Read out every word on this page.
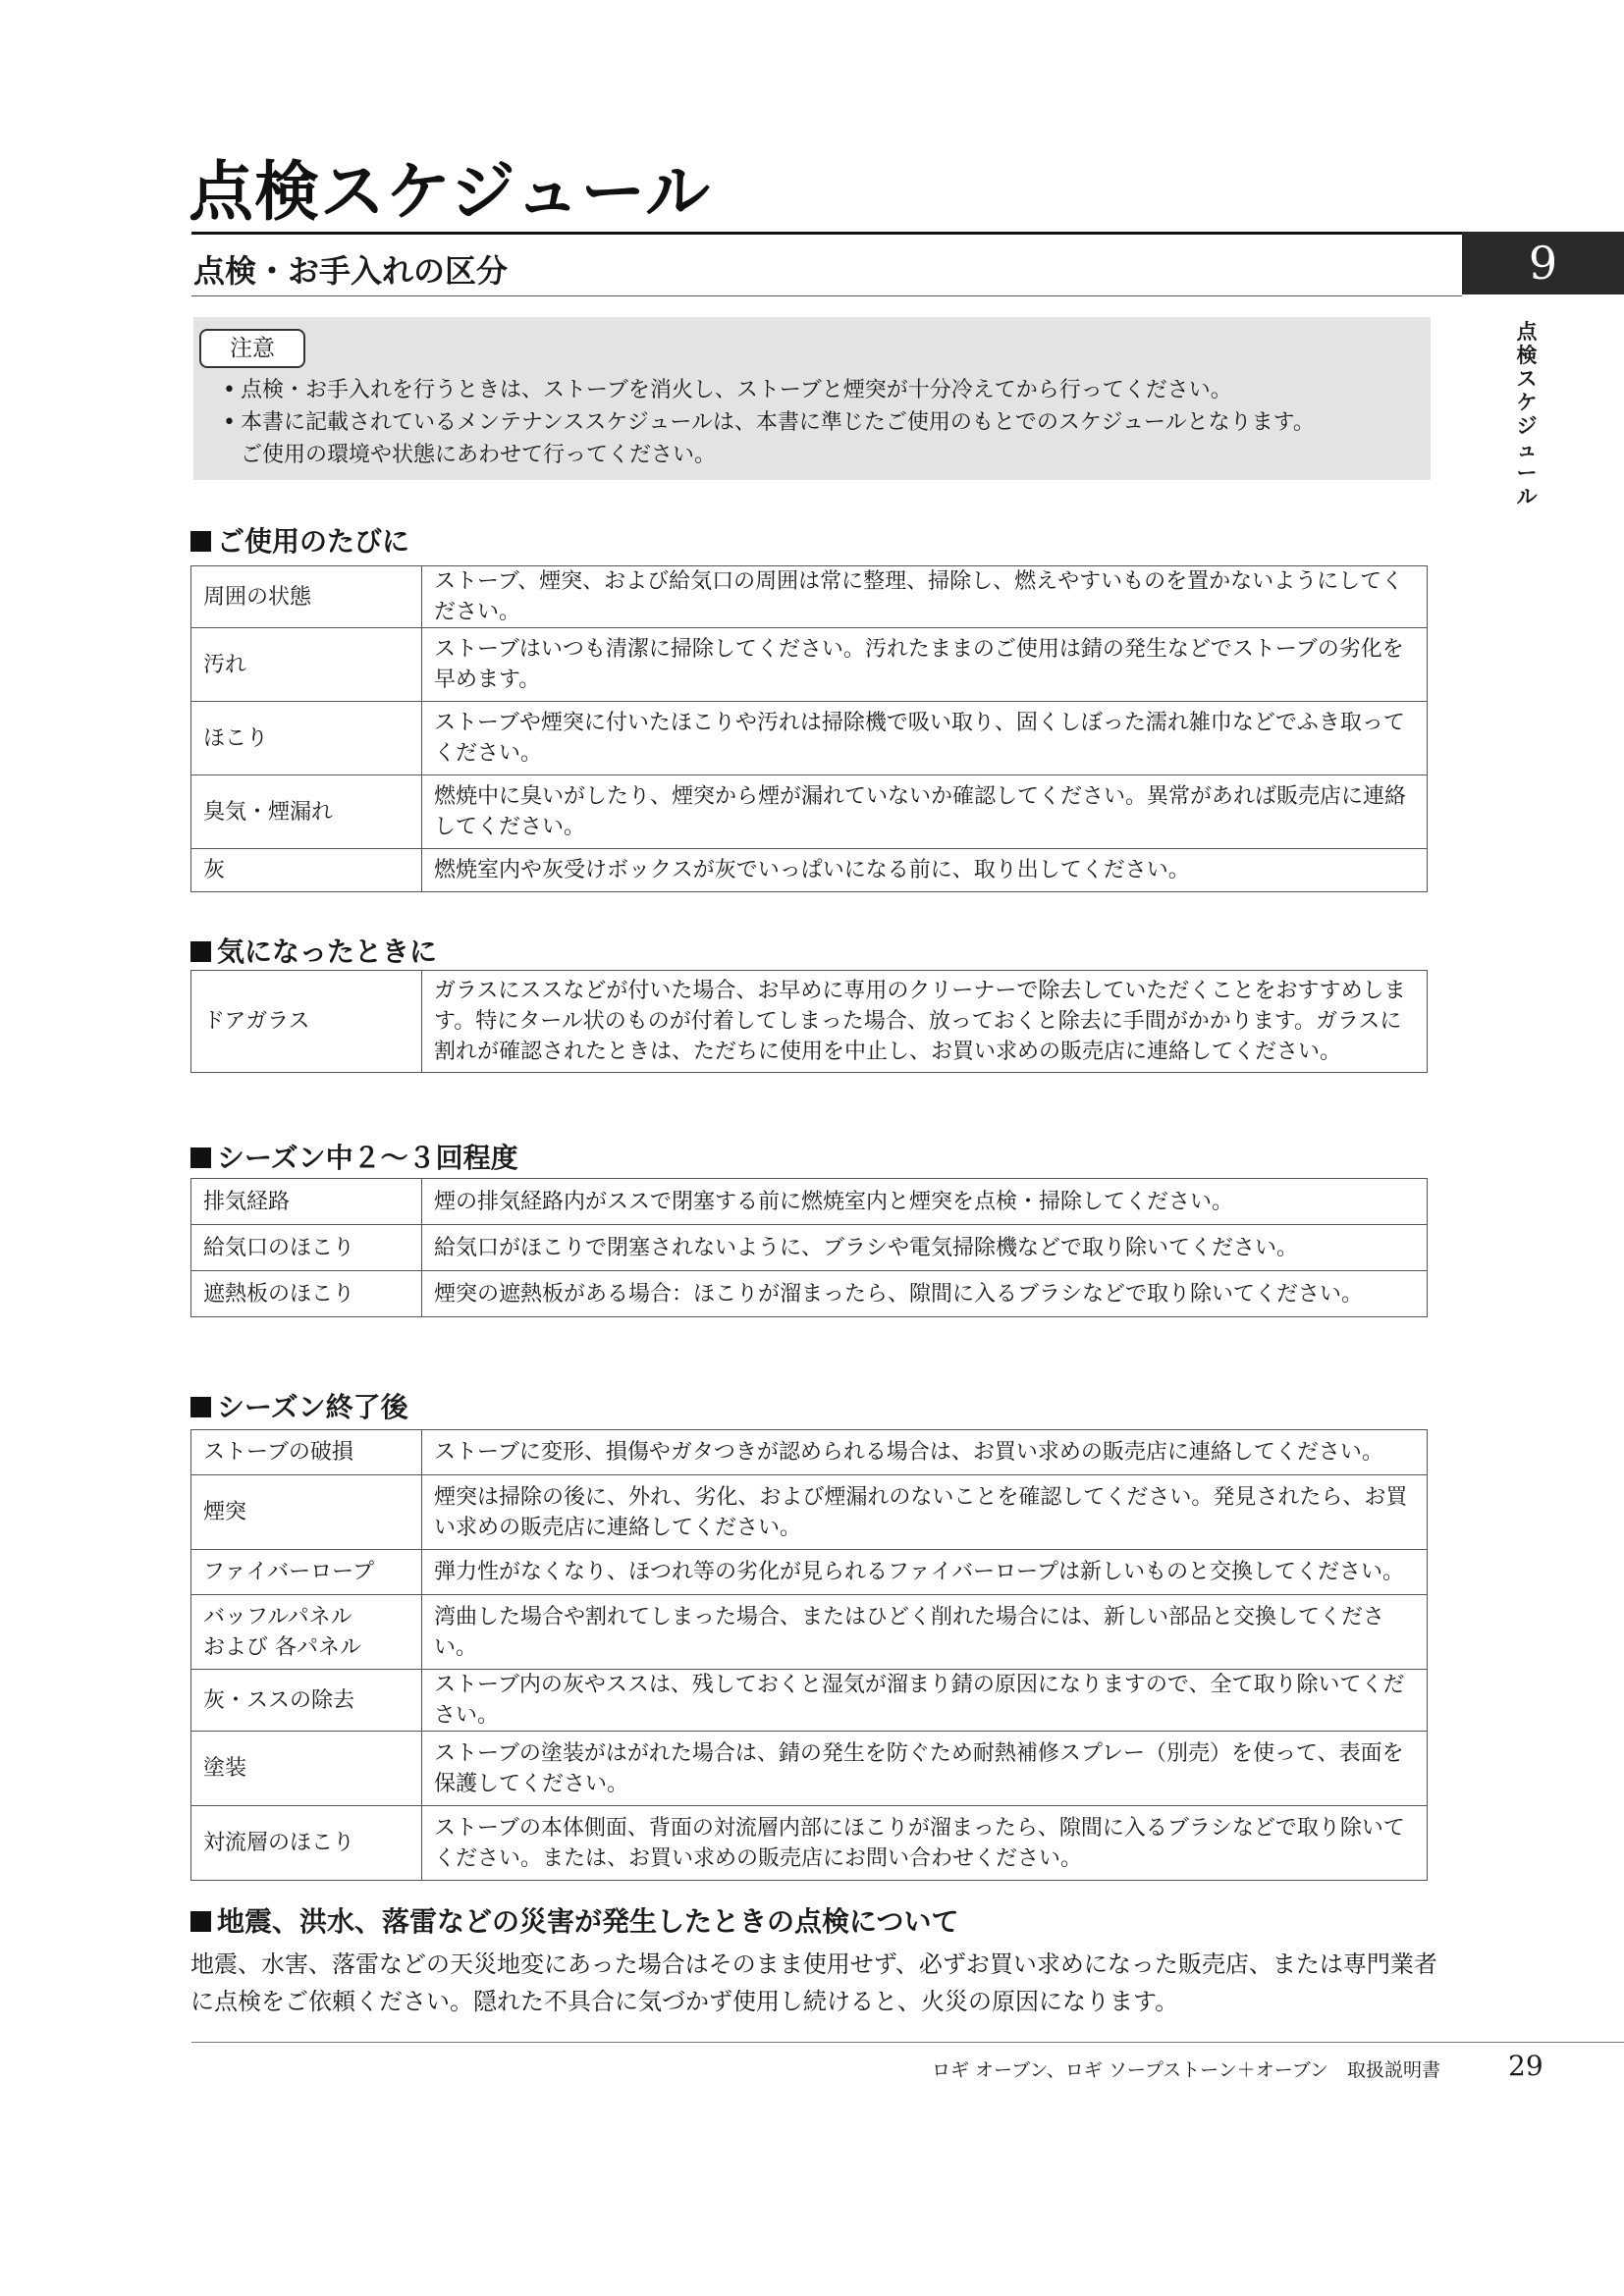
点検スケジュール
点検・お手入れの区分	9
点検スケジュール
注意
• 点検・お手入れを行うときは、ストーブを消火し、ストーブと煙突が十分冷えてから行ってください。
• 本書に記載されているメンテナンススケジュールは、本書に準じたご使用のもとでのスケジュールとなります。
ご使用の環境や状態にあわせて行ってください。
ご使用のたびに
周囲の状態	ストーブ、煙突、および給気口の周囲は常に整理、掃除し、燃えやすいものを置かないようにしてください。
汚れ	ストーブはいつも清潔に掃除してください。汚れたままのご使用は錆の発生などでストーブの劣化を早めます。
ほこり	ストーブや煙突に付いたほこりや汚れは掃除機で吸い取り、固くしぼった濡れ雑巾などでふき取ってください。
臭気・煙漏れ	燃焼中に臭いがしたり、煙突から煙が漏れていないか確認してください。異常があれば販売店に連絡してください。
灰	燃焼室内や灰受けボックスが灰でいっぱいになる前に、取り出してください。
気になったときに
ドアガラス	ガラスにススなどが付いた場合、お早めに専用のクリーナーで除去していただくことをおすすめします。特にタール状のものが付着してしまった場合、放っておくと除去に手間がかかります。ガラスに割れが確認されたときは、ただちに使用を中止し、お買い求めの販売店に連絡してください。
シーズン中２～３回程度
排気経路	煙の排気経路内がススで閉塞する前に燃焼室内と煙突を点検・掃除してください。
給気口のほこり	給気口がほこりで閉塞されないように、ブラシや電気掃除機などで取り除いてください。
遮熱板のほこり	煙突の遮熱板がある場合：ほこりが溜まったら、隙間に入るブラシなどで取り除いてください。
シーズン終了後
ストーブの破損	ストーブに変形、損傷やガタつきが認められる場合は、お買い求めの販売店に連絡してください。
煙突	煙突は掃除の後に、外れ、劣化、および煙漏れのないことを確認してください。発見されたら、お買い求めの販売店に連絡してください。
ファイバーロープ	弾力性がなくなり、ほつれ等の劣化が見られるファイバーロープは新しいものと交換してください。
バッフルパネル
および 各パネル	湾曲した場合や割れてしまった場合、またはひどく削れた場合には、新しい部品と交換してください。
灰・ススの除去	ストーブ内の灰やススは、残しておくと湿気が溜まり錆の原因になりますので、全て取り除いてください。
塗装	ストーブの塗装がはがれた場合は、錆の発生を防ぐため耐熱補修スプレー（別売）を使って、表面を保護してください。
対流層のほこり	ストーブの本体側面、背面の対流層内部にほこりが溜まったら、隙間に入るブラシなどで取り除いてください。または、お買い求めの販売店にお問い合わせください。
地震、洪水、落雷などの災害が発生したときの点検について
地震、水害、落雷などの天災地変にあった場合はそのまま使用せず、必ずお買い求めになった販売店、または専門業者に点検をご依頼ください。隠れた不具合に気づかず使用し続けると、火災の原因になります。
ロギ オーブン、ロギ ソープストーン＋オーブン　取扱説明書 29
